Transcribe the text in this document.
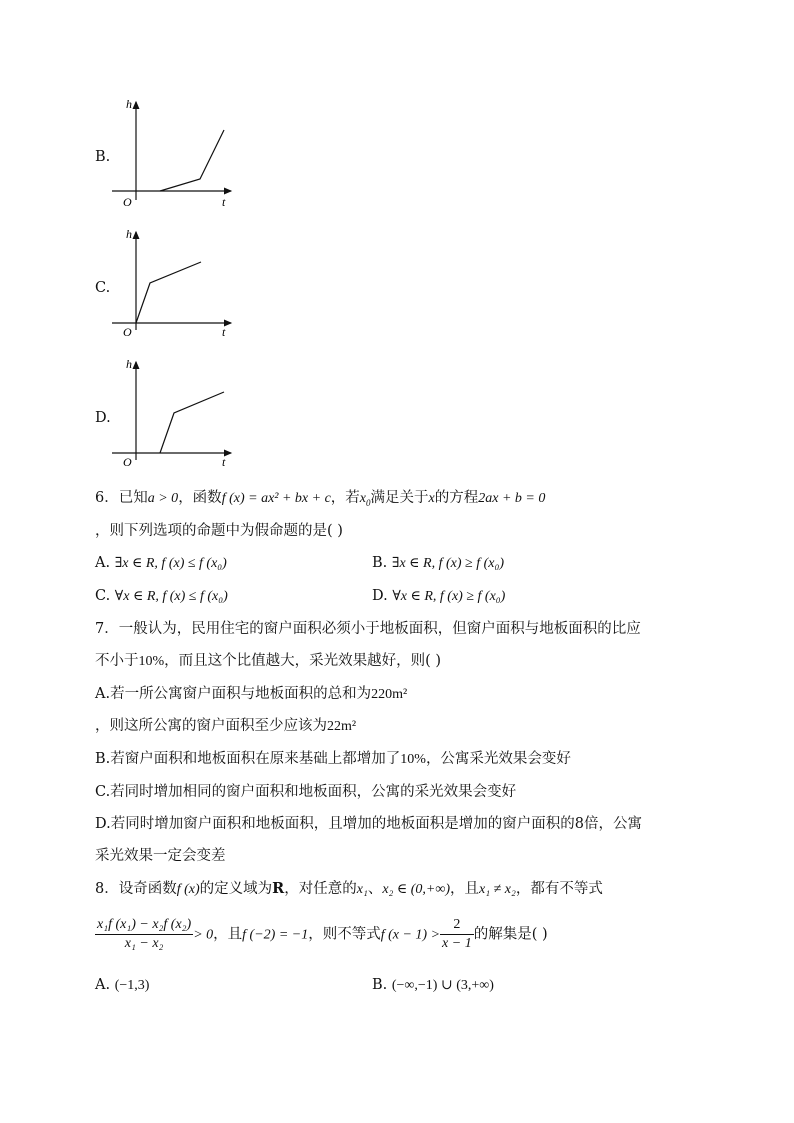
B.
h
t
O
C.
h
t
O
D.
h
t
O
6．已知a > 0，函数f (x) = ax² + bx + c，若$x_0$满足关于x的方程2ax + b = 0
，则下列选项的命题中为假命题的是( )
A. ∃x ∈ R, f (x) ≤ f (x₀)	B. ∃x ∈ R, f (x) ≥ f (x₀)
C. ∀x ∈ R, f (x) ≤ f (x₀)	D. ∀x ∈ R, f (x) ≥ f (x₀)
7．一般认为，民用住宅的窗户面积必须小于地板面积，但窗户面积与地板面积的比应
不小于10%，而且这个比值越大，采光效果越好，则( )
A.若一所公寓窗户面积与地板面积的总和为220m²
，则这所公寓的窗户面积至少应该为22m²
B.若窗户面积和地板面积在原来基础上都增加了10%，公寓采光效果会变好
C.若同时增加相同的窗户面积和地板面积，公寓的采光效果会变好
D.若同时增加窗户面积和地板面积，且增加的地板面积是增加的窗户面积的8倍，公寓
采光效果一定会变差
8．设奇函数f (x)的定义域为R，对任意的x₁、x₂ ∈ (0,+∞)，且x₁ ≠ x₂，都有不等式
$\frac{\text{x₁f (x₁) − x₂f (x₂)}}{\text{x₁ − x₂}} > 0$，且f (−2) = −1，则不等式f $(x - 1) > \frac{2}{x - 1}$ 的解集是( )
A. (−1,3)	B. (−∞,−1) ∪ (3,+∞)
